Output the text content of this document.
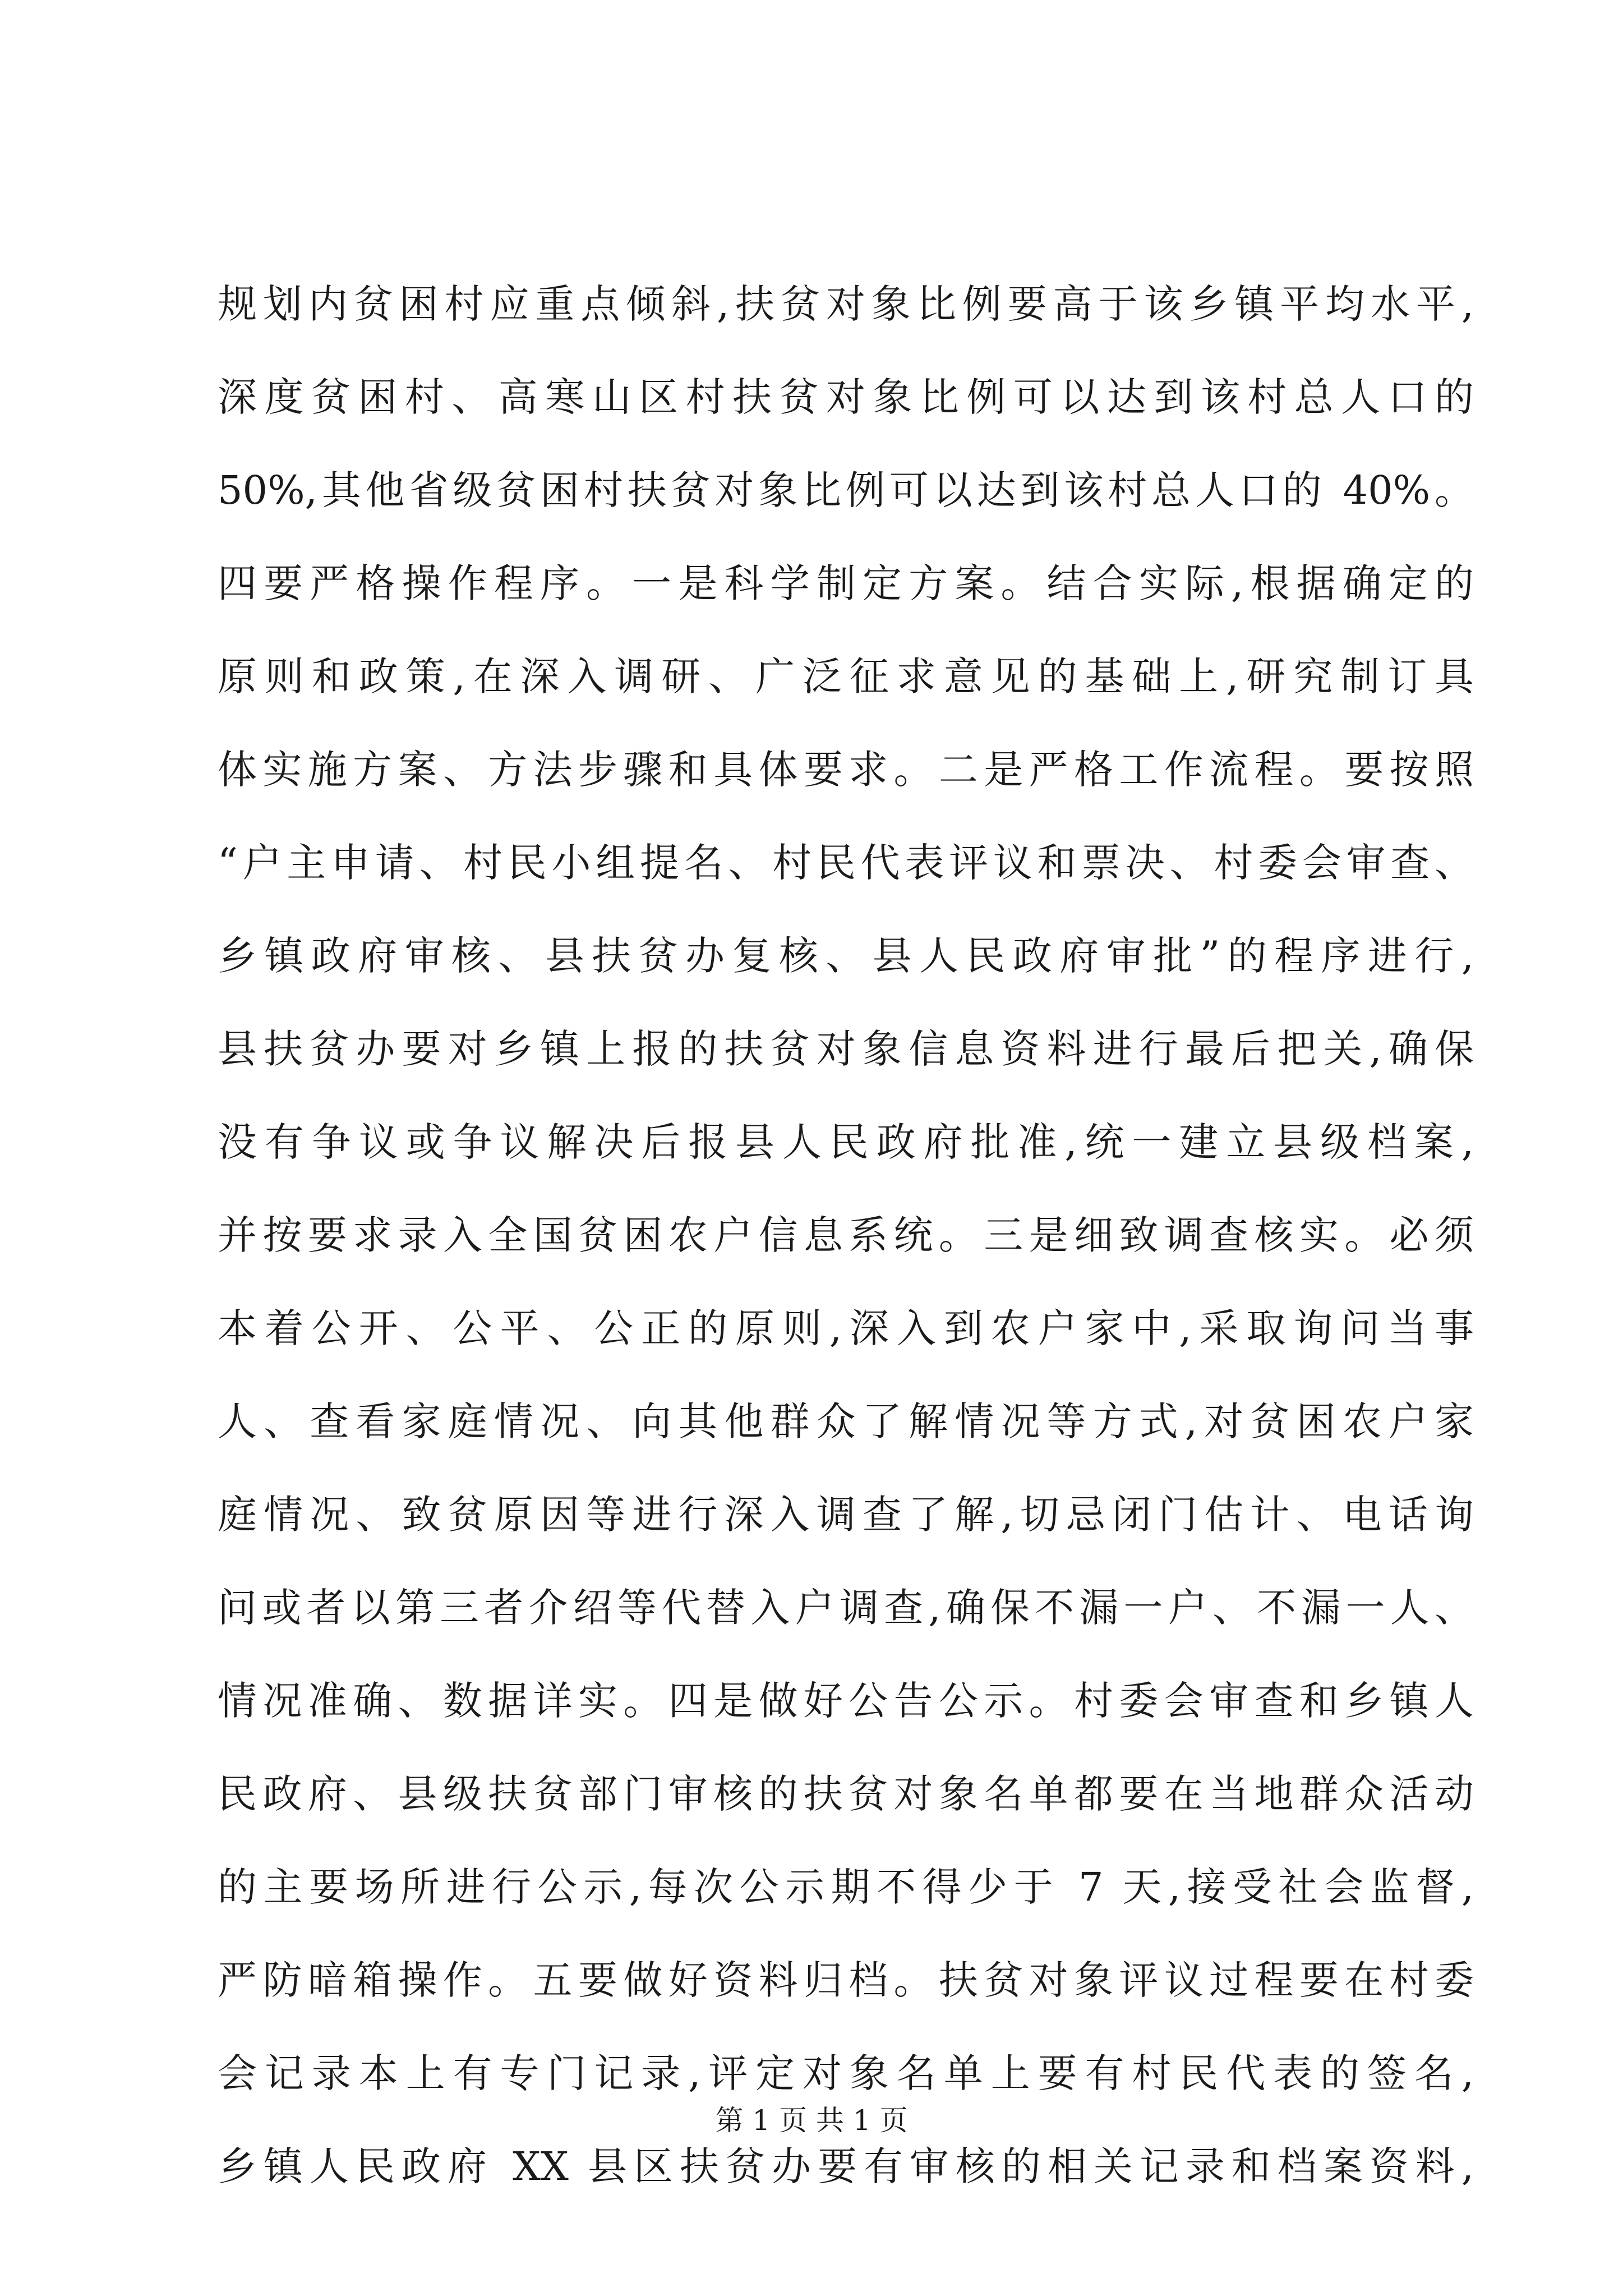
规划内贫困村应重点倾斜,扶贫对象比例要高于该乡镇平均水平,
深度贫困村、高寒山区村扶贫对象比例可以达到该村总人口的
50%,其他省级贫困村扶贫对象比例可以达到该村总人口的 40%。
四要严格操作程序。一是科学制定方案。结合实际,根据确定的
原则和政策,在深入调研、广泛征求意见的基础上,研究制订具
体实施方案、方法步骤和具体要求。二是严格工作流程。要按照
“户主申请、村民小组提名、村民代表评议和票决、村委会审查、
乡镇政府审核、县扶贫办复核、县人民政府审批”的程序进行,
县扶贫办要对乡镇上报的扶贫对象信息资料进行最后把关,确保
没有争议或争议解决后报县人民政府批准,统一建立县级档案,
并按要求录入全国贫困农户信息系统。三是细致调查核实。必须
本着公开、公平、公正的原则,深入到农户家中,采取询问当事
人、查看家庭情况、向其他群众了解情况等方式,对贫困农户家
庭情况、致贫原因等进行深入调查了解,切忌闭门估计、电话询
问或者以第三者介绍等代替入户调查,确保不漏一户、不漏一人、
情况准确、数据详实。四是做好公告公示。村委会审查和乡镇人
民政府、县级扶贫部门审核的扶贫对象名单都要在当地群众活动
的主要场所进行公示,每次公示期不得少于 7 天,接受社会监督,
严防暗箱操作。五要做好资料归档。扶贫对象评议过程要在村委
会记录本上有专门记录,评定对象名单上要有村民代表的签名,
乡镇人民政府 XX 县区扶贫办要有审核的相关记录和档案资料,
第 1 页 共 1 页
